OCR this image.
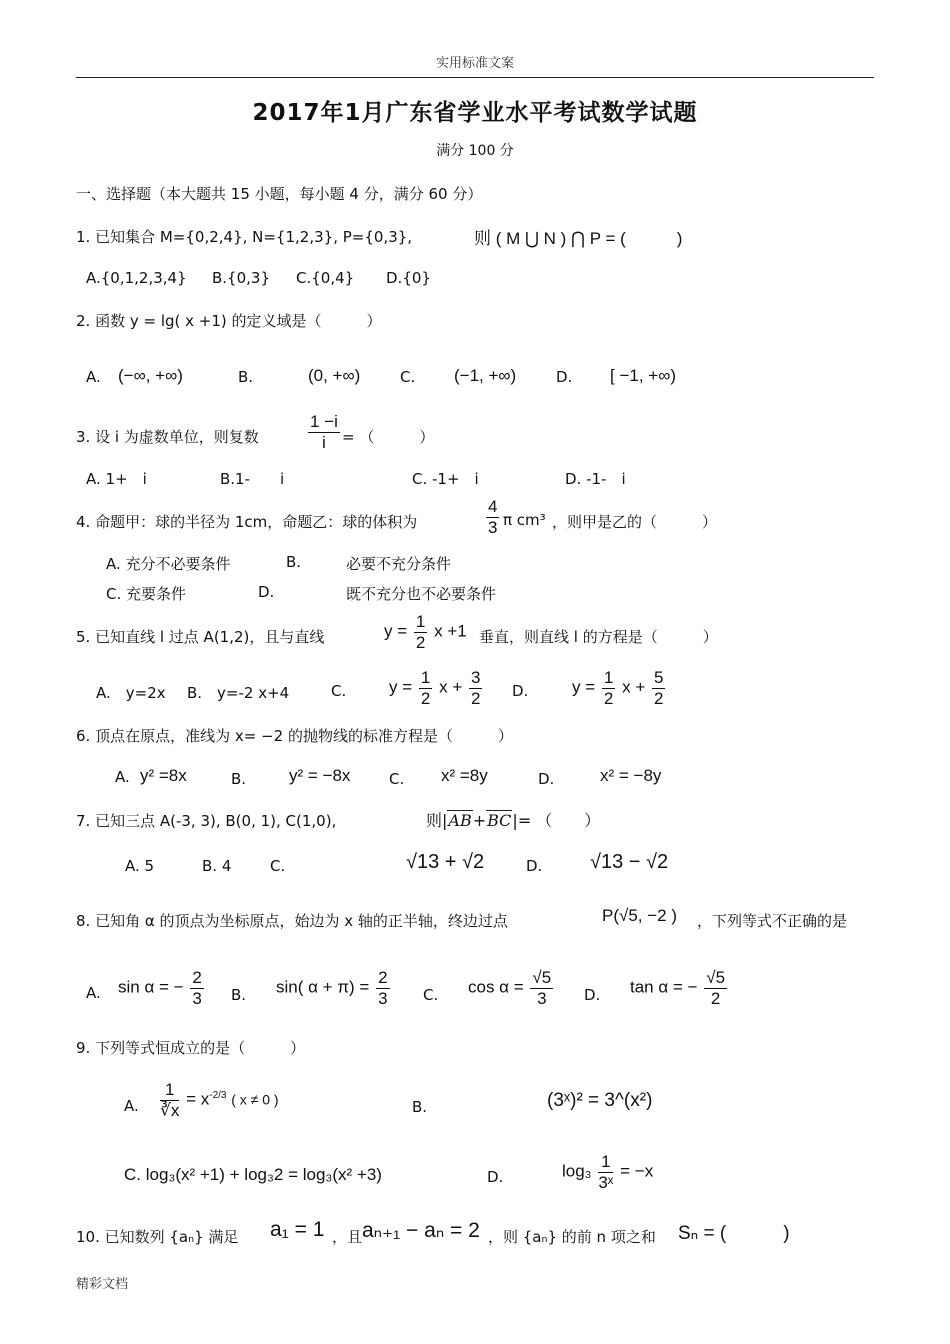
实用标准文案
2017年1月广东省学业水平考试数学试题
满分 100 分
一、选择题（本大题共 15 小题，每小题 4 分，满分 60 分）
1. 已知集合 M={0,2,4}, N={1,2,3}, P={0,3},	则 ( M ⋃ N ) ⋂ P = (　　　)
A.{0,1,2,3,4} B.{0,3} C.{0,4} D.{0}
2. 函数 y = lg( x +1) 的定义域是（　　　）
A. (−∞, +∞)	B.	(0, +∞)	C. (−1, +∞)	D. [ −1, +∞)
3. 设 i 为虚数单位，则复数	$\frac{1 -i}{i}$ = （　　　）
A. 1+　i	B.1-　　i	C. -1+　i	D. -1-　i
4. 命题甲：球的半径为 1cm，命题乙：球的体积为	$\frac{4}{3}$ π cm³ ，则甲是乙的（　　　）
A. 充分不必要条件	B.	必要不充分条件
C. 充要条件	D.	既不充分也不必要条件
5. 已知直线 l 过点 A(1,2)，且与直线	$y = \frac{1}{2}$ x +1 垂直，则直线 l 的方程是（　　　）
A.　y=2x B.　y=-2 x+4	C.	$y = \frac{1}{2}$ $x + \frac{3}{2} D$.	$y = \frac{1}{2}$ $x + \frac{5}{2}$
6. 顶点在原点，准线为 x= −2 的抛物线的标准方程是（　　　）
A. y² =8x	B.	y² = −8x	C. x² =8y	D.	x² = −8y
7. 已知三点 A(-3, 3), B(0, 1), C(1,0),	则|AB+BC|= （　　）
A. 5	B. 4	C.	√13 + √2	D. √13 − √2
8. 已知角 α 的顶点为坐标原点，始边为 x 轴的正半轴，终边过点	P(√5, −2 ) ，下列等式不正确的是
A. sin α = − $\frac{2}{3} B$. sin( $\alpha + \pi) = \frac{2}{3} C$. $\cos \alpha = \frac{√5}{3} D$. tan α = − $\frac{√5}{2}$
9. 下列等式恒成立的是（　　　）
A. $\frac{1}{∛x} = x^{-2/3}$ ( x ≠ 0 )	B.	(3ˣ)² = 3^(x²)
C. log₃(x² +1) + log₃2 = log₃(x² +3)	D.	$\log_3 \frac{1}{\text{3ˣ}} = -x$
10. 已知数列 {aₙ} 满足 a₁ = 1 ，且 aₙ₊₁ − aₙ = 2 ，则 {aₙ} 的前 n 项之和 Sₙ = (　　　)
精彩文档
